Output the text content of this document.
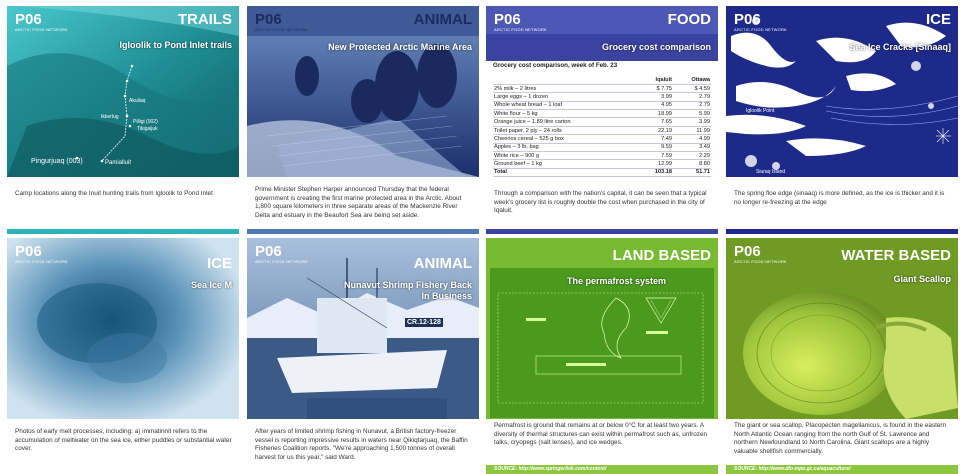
Akuliaq
Ikkerlug
Pilligi (002)
Tikigaijuk
Pingurjuaq (003)	Pamialluit
P06
ARCTIC FOOD NETWORK
TRAILS
Igloolik to Pond Inlet trails
Camp locations along the Inuit hunting trails from Igloolik to Pond Inlet
P06
ARCTIC FOOD NETWORK
ANIMAL
New Protected Arctic Marine Area
Prime Minister Stephen Harper announced Thursday that the federal government is creating the first marine protected area in the Arctic. About 1,800 square kilometers in three separate areas of the Mackenzie River Delta and estuary in the Beaufort Sea are being set aside.
P06
ARCTIC FOOD NETWORK
FOOD
Grocery cost comparison
Grocery cost comparison, week of Feb. 23
	Iqaluit	Ottawa
2% milk – 2 litres	$ 7.75	$ 4.59
Large eggs – 1 dozen	3.99	2.79
Whole wheat bread – 1 loaf	4.95	2.79
White flour – 5 kg	18.99	5.99
Orange juice – 1.89 litre carton	7.65	3.99
Toilet paper, 2 ply – 24 rolls	22.19	11.99
Cheerios cereal – 525 g box	7.49	4.99
Apples – 3 lb. bag	9.59	3.49
White rice – 900 g	7.59	2.29
Ground beef – 1 kg	12.99	8.80
Total	103.18	51.71
Through a comparison with the nation's capital, it can be seen that a typical week's grocery list is roughly double the cost when purchased in the city of Iqaluit.
Igloolik Point
Siuraq Island
P06
ARCTIC FOOD NETWORK
ICE
Sea Ice Cracks [Sinaaq]
The spring floe edge (sinaaq) is more defined, as the ice is thicker and it is no longer re-freezing at the edge
P06
ARCTIC FOOD NETWORK	ICE
Sea Ice M
Photos of early melt processes, including: a) immatinnit refers to the accumulation of meltwater on the sea ice, either puddles or substantial water cover.
CR.12-128
P06
ARCTIC FOOD NETWORK	ANIMAL
Nunavut Shrimp Fishery Back
In Business
After years of limited shrimp fishing in Nunavut, a British factory-freezer vessel is reporting impressive results in waters near Qikiqtarjuaq, the Baffin Fisheries Coalition reports. "We're approaching 1,500 tonnes of overall harvest for us this year," said Ward.
LAND BASED
The permafrost system
Permafrost is ground that remains at or below 0°C for at least two years. A diversity of thermal structures can exist within permafrost such as, unfrozen talks, cryopegs (salt lenses), and ice wedges.
SOURCE: http://www.springerlink.com/content/
P06
ARCTIC FOOD NETWORK	WATER BASED
Giant Scallop
The giant or sea scallop, Placopecten magellanicus, is found in the eastern North Atlantic Ocean ranging from the north Gulf of St. Lawrence and northern Newfoundland to North Carolina. Giant scallops are a highly valuable shellfish commercially.
SOURCE: http://www.dfo-mpo.gc.ca/aquaculture/
